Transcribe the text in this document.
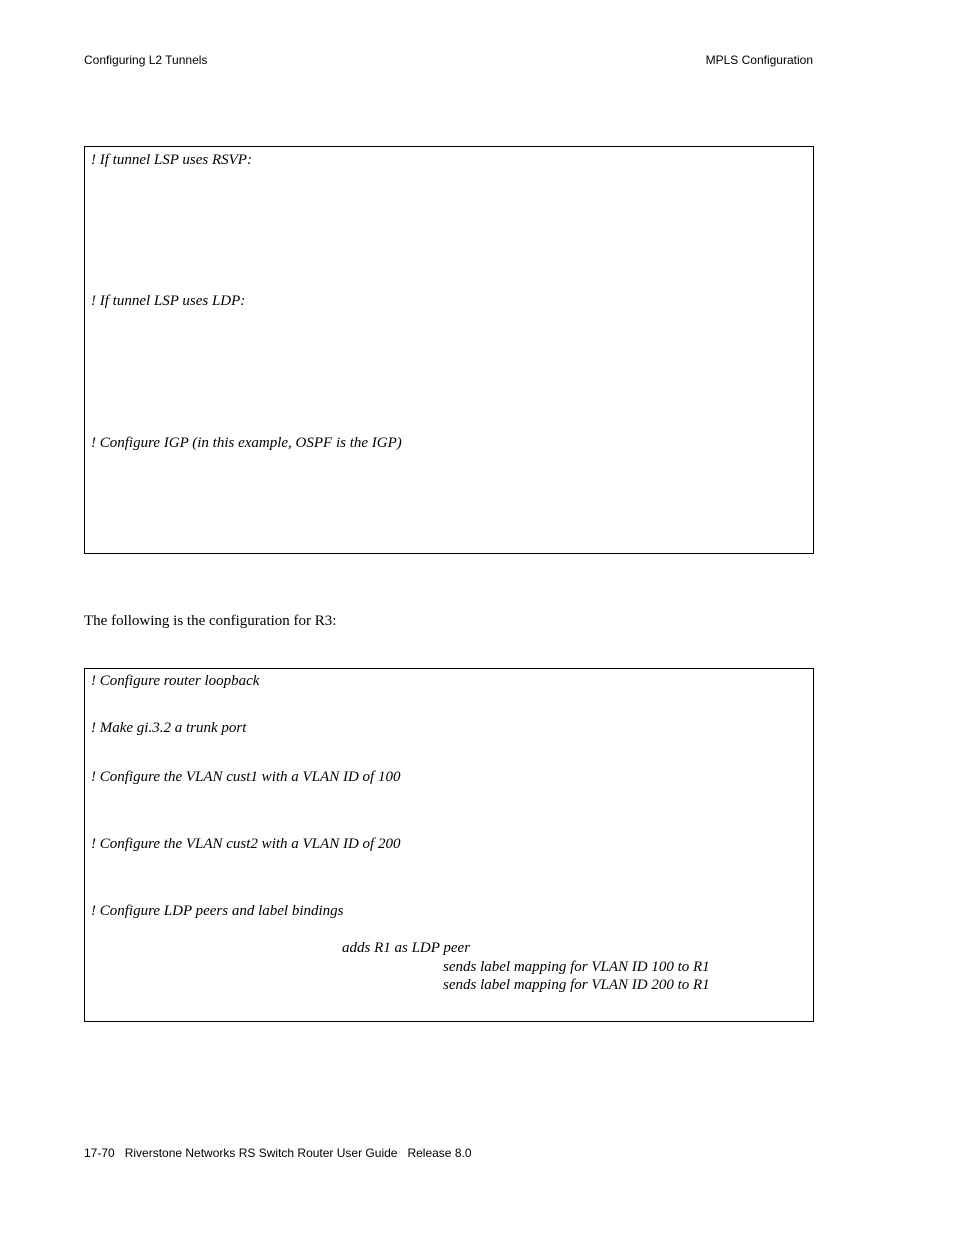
Configuring L2 Tunnels	MPLS Configuration
! If tunnel LSP uses RSVP:
! If tunnel LSP uses LDP:
! Configure IGP (in this example, OSPF is the IGP)
The following is the configuration for R3:
! Configure router loopback
! Make gi.3.2 a trunk port
! Configure the VLAN cust1 with a VLAN ID of 100
! Configure the VLAN cust2 with a VLAN ID of 200
! Configure LDP peers and label bindings
adds R1 as LDP peer
sends label mapping for VLAN ID 100 to R1
sends label mapping for VLAN ID 200 to R1
17-70   Riverstone Networks RS Switch Router User Guide   Release 8.0
